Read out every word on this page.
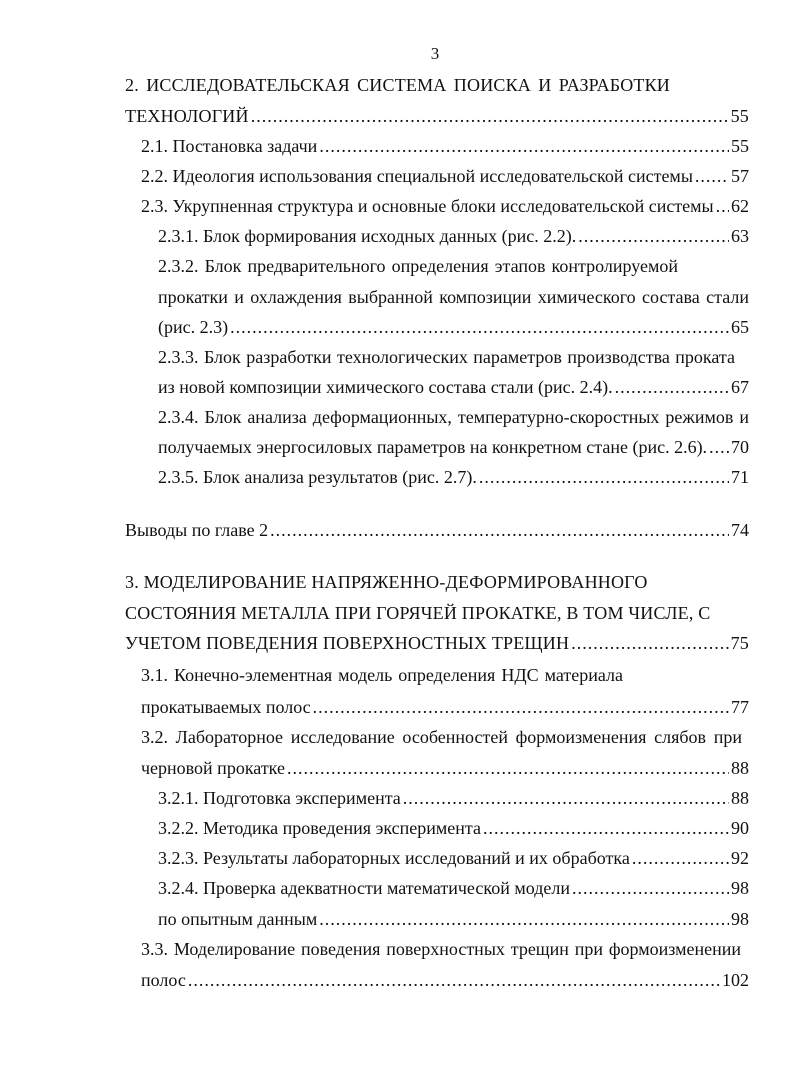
3
2. ИССЛЕДОВАТЕЛЬСКАЯ СИСТЕМА ПОИСКА И РАЗРАБОТКИ
ТЕХНОЛОГИЙ .....	55
2.1. Постановка задачи .....	55
2.2. Идеология использования специальной исследовательской системы ..... 57
2.3. Укрупненная структура и основные блоки исследовательской системы ..... 62
2.3.1. Блок формирования исходных данных (рис. 2.2). .....	63
2.3.2. Блок предварительного определения этапов контролируемой
прокатки и охлаждения выбранной композиции химического состава стали
(рис. 2.3) .....	65
2.3.3. Блок разработки технологических параметров производства проката
из новой композиции химического состава стали (рис. 2.4). .....	67
2.3.4. Блок анализа деформационных, температурно-скоростных режимов и
получаемых энергосиловых параметров на конкретном стане (рис. 2.6). ..... 70
2.3.5. Блок анализа результатов (рис. 2.7). .....	71
Выводы по главе 2 .....	74
3. МОДЕЛИРОВАНИЕ НАПРЯЖЕННО-ДЕФОРМИРОВАННОГО
СОСТОЯНИЯ МЕТАЛЛА ПРИ ГОРЯЧЕЙ ПРОКАТКЕ, В ТОМ ЧИСЛЕ, С
УЧЕТОМ ПОВЕДЕНИЯ ПОВЕРХНОСТНЫХ ТРЕЩИН .....	75
3.1. Конечно-элементная модель определения НДС материала
прокатываемых полос .....	77
3.2. Лабораторное исследование особенностей формоизменения слябов при
черновой прокатке .....	88
3.2.1. Подготовка эксперимента .....	88
3.2.2. Методика проведения эксперимента .....	90
3.2.3. Результаты лабораторных исследований и их обработка .....	92
3.2.4. Проверка адекватности математической модели .....	98
по опытным данным .....	98
3.3. Моделирование поведения поверхностных трещин при формоизменении
полос .....	102
